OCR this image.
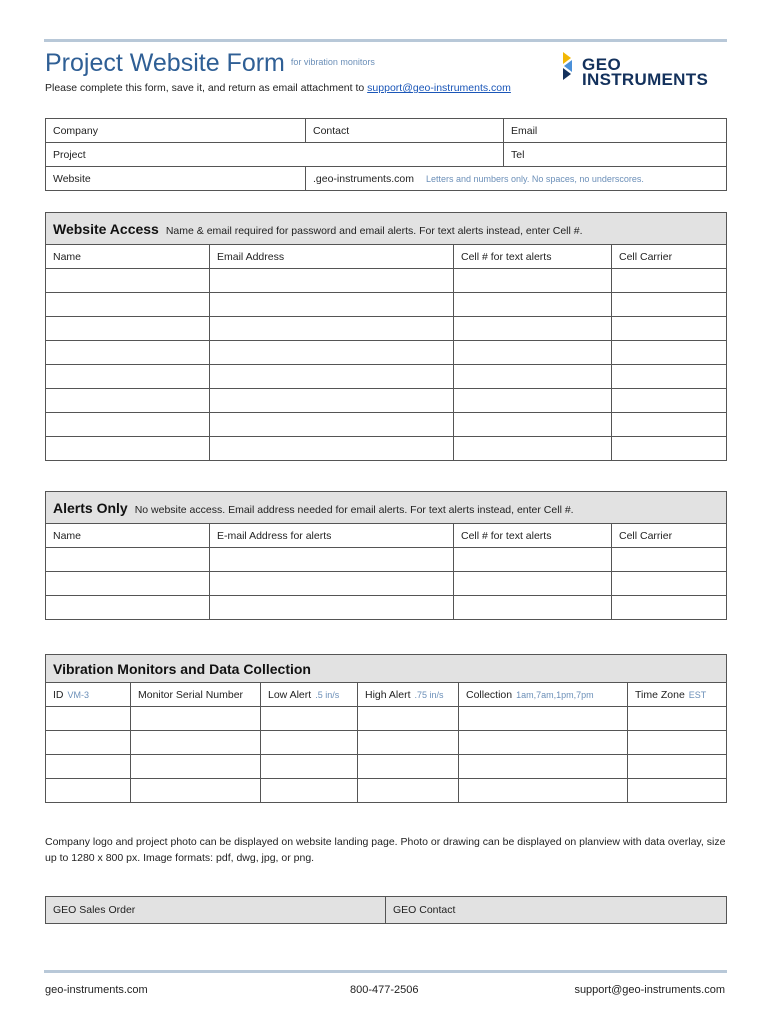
Project Website Form $^{for vibration monitors}$
Please complete this form, save it, and return as email attachment to support@geo-instruments.com
GEO
INSTRUMENTS
Company	Contact	Email
Project		Tel
Website	.geo-instruments.com Letters and numbers only. No spaces, no underscores.	
Website Access Name & email required for password and email alerts. For text alerts instead, enter Cell #.			
Name	Email Address	Cell # for text alerts	Cell Carrier

Alerts Only No website access. Email address needed for email alerts. For text alerts instead, enter Cell #.			
Name	E-mail Address for alerts	Cell # for text alerts	Cell Carrier

Vibration Monitors and Data Collection					
ID VM-3	Monitor Serial Number	Low Alert .5 in/s	High Alert .75 in/s	Collection 1am,7am,1pm,7pm	Time Zone EST

Company logo and project photo can be displayed on website landing page. Photo or drawing can be displayed on planview with data overlay, size up to 1280 x 800 px. Image formats: pdf, dwg, jpg, or png.
GEO Sales Order	GEO Contact
geo-instruments.com	800-477-2506	support@geo-instruments.com
